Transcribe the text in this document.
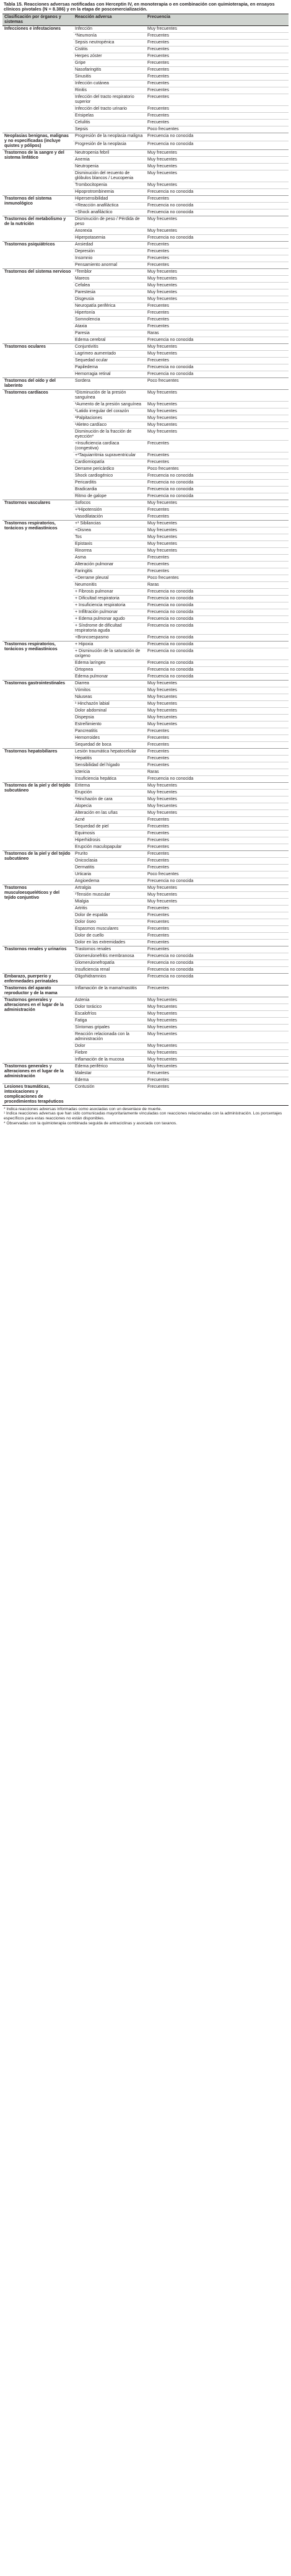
Tabla 15. Reacciones adversas notificadas con Herceptin IV, en monoterapia o en combinación con quimioterapia, en ensayos clínicos pivotales (N = 8.386) y en la etapa de poscomercialización.
Clasificación por órganos y sistemas	Reacción adversa	Frecuencia
Infecciones e infestaciones	Infección	Muy frecuentes
	*Neumonía	Frecuentes
	Sepsis neutropénica	Frecuentes
	Cistitis	Frecuentes
	Herpes zóster	Frecuentes
	Gripe	Frecuentes
	Nasofaringitis	Frecuentes
	Sinusitis	Frecuentes
	Infección cutánea	Frecuentes
	Rinitis	Frecuentes
	Infección del tracto respiratorio superior	Frecuentes
	Infección del tracto urinario	Frecuentes
	Erisipelas	Frecuentes
	Celulitis	Frecuentes
	Sepsis	Poco frecuentes
Neoplasias benignas, malignas y no especificadas (incluye quistes y pólipos)	Progresión de la neoplasia maligna	Frecuencia no conocida
	Progresión de la neoplasia	Frecuencia no conocida
Trastornos de la sangre y del sistema linfático	Neutropenia febril	Muy frecuentes
	Anemia	Muy frecuentes
	Neutropenia	Muy frecuentes
	Disminución del recuento de glóbulos blancos / Leucopenia	Muy frecuentes
	Trombocitopenia	Muy frecuentes
	Hipoprotrombinemia	Frecuencia no conocida
Trastornos del sistema inmunológico	Hipersensibilidad	Frecuentes
	+Reacción anafiláctica	Frecuencia no conocida
	+Shock anafiláctico	Frecuencia no conocida
Trastornos del metabolismo y de la nutrición	Disminución de peso / Pérdida de peso	Muy frecuentes
	Anorexia	Muy frecuentes
	Hiperpotasemia	Frecuencia no conocida
Trastornos psiquiátricos	Ansiedad	Frecuentes
	Depresión	Frecuentes
	Insomnio	Frecuentes
	Pensamiento anormal	Frecuentes
Trastornos del sistema nervioso	¹Temblor	Muy frecuentes
	Mareos	Muy frecuentes
	Cefalea	Muy frecuentes
	Parestesia	Muy frecuentes
	Disgeusia	Muy frecuentes
	Neuropatía periférica	Frecuentes
	Hipertonía	Frecuentes
	Somnolencia	Frecuentes
	Ataxia	Frecuentes
	Paresia	Raras
	Edema cerebral	Frecuencia no conocida
Trastornos oculares	Conjuntivitis	Muy frecuentes
	Lagrimeo aumentado	Muy frecuentes
	Sequedad ocular	Frecuentes
	Papiledema	Frecuencia no conocida
	Hemorragia retinal	Frecuencia no conocida
Trastornos del oído y del laberinto	Sordera	Poco frecuentes
Trastornos cardíacos	¹Disminución de la presión sanguínea	Muy frecuentes
	¹Aumento de la presión sanguínea	Muy frecuentes
	¹Latido irregular del corazón	Muy frecuentes
	¹Palpitaciones	Muy frecuentes
	¹Aleteo cardíaco	Muy frecuentes
	Disminución de la fracción de eyección*	Muy frecuentes
	+Insuficiencia cardíaca (congestiva)	Frecuentes
	+¹Taquiarritmia supraventricular	Frecuentes
	Cardiomiopatía	Frecuentes
	Derrame pericárdico	Poco frecuentes
	Shock cardiogénico	Frecuencia no conocida
	Pericarditis	Frecuencia no conocida
	Bradicardia	Frecuencia no conocida
	Ritmo de galope	Frecuencia no conocida
Trastornos vasculares	Sofocos	Muy frecuentes
	+¹Hipotensión	Frecuentes
	Vasodilatación	Frecuentes
Trastornos respiratorios, torácicos y mediastínicos	+¹ Sibilancias	Muy frecuentes
	+Disnea	Muy frecuentes
	Tos	Muy frecuentes
	Epistaxis	Muy frecuentes
	Rinorrea	Muy frecuentes
	Asma	Frecuentes
	Alteración pulmonar	Frecuentes
	Faringitis	Frecuentes
	+Derrame pleural	Poco frecuentes
	Neumonitis	Raras
	+ Fibrosis pulmonar	Frecuencia no conocida
	+ Dificultad respiratoria	Frecuencia no conocida
	+ Insuficiencia respiratoria	Frecuencia no conocida
	+ Infiltración pulmonar	Frecuencia no conocida
	+ Edema pulmonar agudo	Frecuencia no conocida
	+ Síndrome de dificultad respiratoria aguda	Frecuencia no conocida
	+Broncoespasmo	Frecuencia no conocida
Trastornos respiratorios, torácicos y mediastínicos	+ Hipoxia	Frecuencia no conocida
	+ Disminución de la saturación de oxígeno	Frecuencia no conocida
	Edema laríngeo	Frecuencia no conocida
	Ortopnea	Frecuencia no conocida
	Edema pulmonar	Frecuencia no conocida
Trastornos gastrointestinales	Diarrea	Muy frecuentes
	Vómitos	Muy frecuentes
	Náuseas	Muy frecuentes
	¹ Hinchazón labial	Muy frecuentes
	Dolor abdominal	Muy frecuentes
	Dispepsia	Muy frecuentes
	Estreñimiento	Muy frecuentes
	Pancreatitis	Frecuentes
	Hemorroides	Frecuentes
	Sequedad de boca	Frecuentes
Trastornos hepatobiliares	Lesión traumática hepatocelular	Frecuentes
	Hepatitis	Frecuentes
	Sensibilidad del hígado	Frecuentes
	Ictericia	Raras
	Insuficiencia hepática	Frecuencia no conocida
Trastornos de la piel y del tejido subcutáneo	Eritema	Muy frecuentes
	Erupción	Muy frecuentes
	¹Hinchazón de cara	Muy frecuentes
	Alopecia	Muy frecuentes
	Alteración en las uñas	Muy frecuentes
	Acné	Frecuentes
	Sequedad de piel	Frecuentes
	Equimosis	Frecuentes
	Hiperhidrosis	Frecuentes
	Erupción maculopapular	Frecuentes
Trastornos de la piel y del tejido subcutáneo	Prurito	Frecuentes
	Onicoclasia	Frecuentes
	Dermatitis	Frecuentes
	Urticaria	Poco frecuentes
	Angioedema	Frecuencia no conocida
Trastornos musculoesqueléticos y del tejido conjuntivo	Artralgia	Muy frecuentes
	¹Tensión muscular	Muy frecuentes
	Mialgia	Muy frecuentes
	Artritis	Frecuentes
	Dolor de espalda	Frecuentes
	Dolor óseo	Frecuentes
	Espasmos musculares	Frecuentes
	Dolor de cuello	Frecuentes
	Dolor en las extremidades	Frecuentes
Trastornos renales y urinarios	Trastornos renales	Frecuentes
	Glomerulonefritis membranosa	Frecuencia no conocida
	Glomerulonefropatía	Frecuencia no conocida
	Insuficiencia renal	Frecuencia no conocida
Embarazo, puerperio y enfermedades perinatales	Oligohidramnios	Frecuencia no conocida
Trastornos del aparato reproductor y de la mama	Inflamación de la mama/mastitis	Frecuentes
Trastornos generales y alteraciones en el lugar de la administración	Astenia	Muy frecuentes
	Dolor torácico	Muy frecuentes
	Escalofríos	Muy frecuentes
	Fatiga	Muy frecuentes
	Síntomas gripales	Muy frecuentes
	Reacción relacionada con la administración	Muy frecuentes
	Dolor	Muy frecuentes
	Fiebre	Muy frecuentes
	Inflamación de la mucosa	Muy frecuentes
Trastornos generales y alteraciones en el lugar de la administración	Edema periférico	Muy frecuentes
	Malestar	Frecuentes
	Edema	Frecuentes
Lesiones traumáticas, intoxicaciones y complicaciones de procedimientos terapéuticos	Contusión	Frecuentes
* Indica reacciones adversas informadas como asociadas con un desenlace de muerte.
¹ Indica reacciones adversas que han sido comunicadas mayoritariamente vinculadas con reacciones relacionadas con la administración. Los porcentajes específicos para estas reacciones no están disponibles.
* Observadas con la quimioterapia combinada seguida de antraciclinas y asociada con taxanos.
